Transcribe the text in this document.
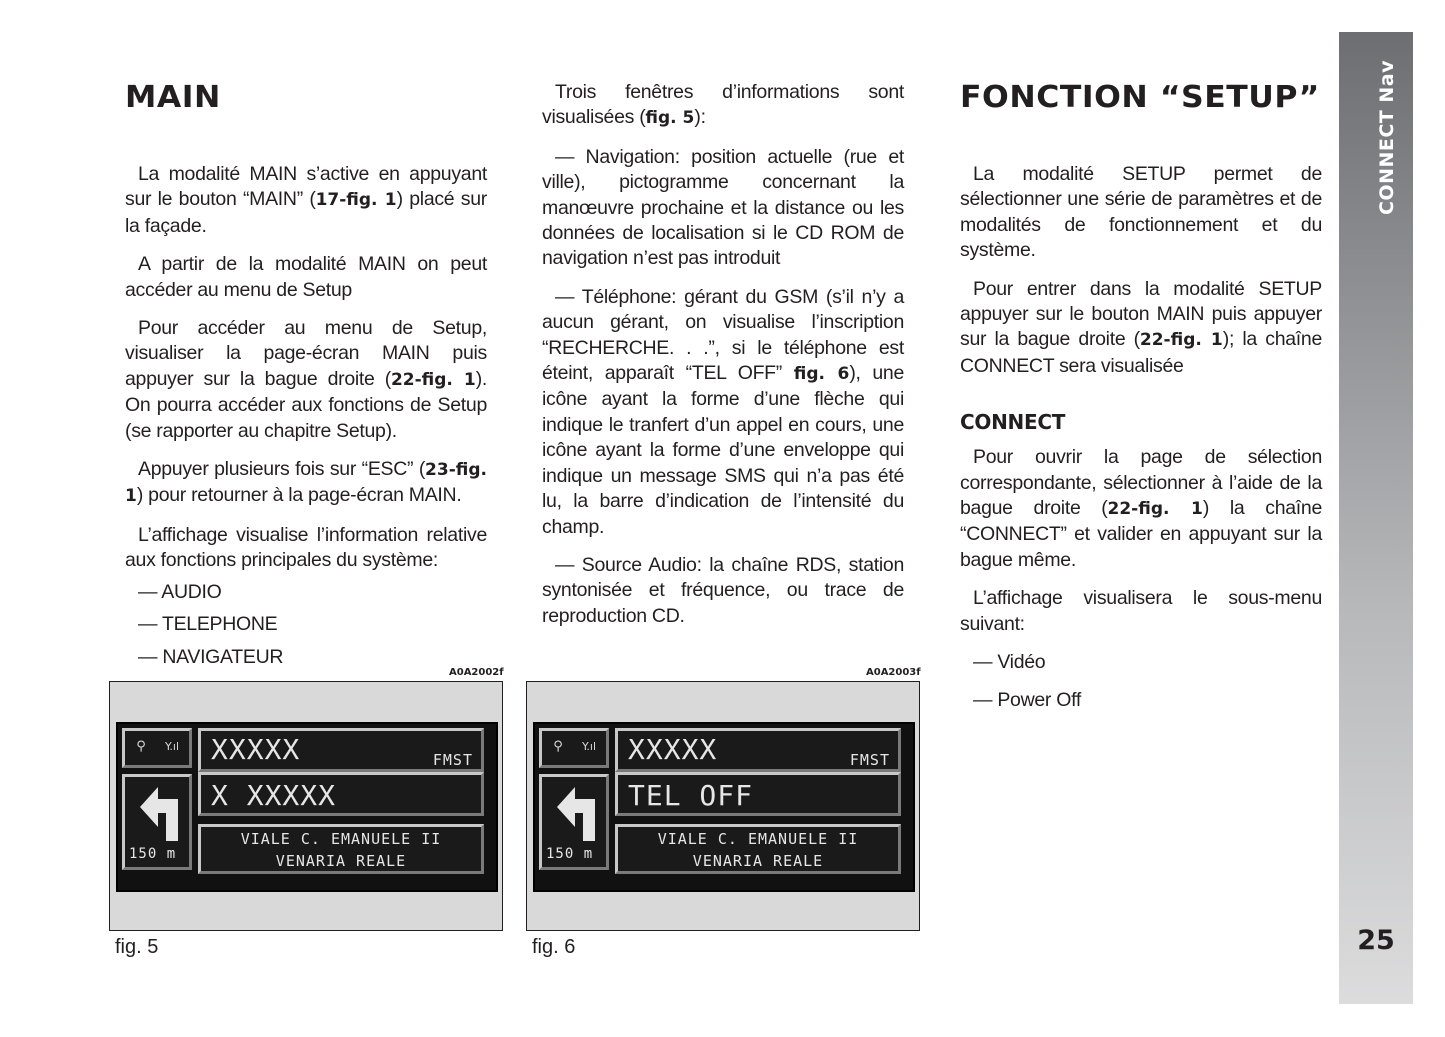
CONNECT Nav
25
MAIN

La modalité MAIN s’active en appuyant sur le bouton “MAIN” (17-fig. 1) placé sur la façade.

A partir de la modalité MAIN on peut accéder au menu de Setup

Pour accéder au menu de Setup, visualiser la page-écran MAIN puis appuyer sur la bague droite (22-fig. 1). On pourra accéder aux fonctions de Setup (se rapporter au chapitre Setup).

Appuyer plusieurs fois sur “ESC” (23-fig. 1) pour retourner à la page-écran MAIN.

L’affichage visualise l’information relative aux fonctions principales du système:

— AUDIO

— TELEPHONE

— NAVIGATEUR

Trois fenêtres d’informations sont visualisées (fig. 5):

— Navigation: position actuelle (rue et ville), pictogramme concernant la manœuvre prochaine et la distance ou les données de localisation si le CD ROM de navigation n’est pas introduit

— Téléphone: gérant du GSM (s’il n’y a aucun gérant, on visualise l’inscription “RECHERCHE. . .”, si le téléphone est éteint, apparaît “TEL OFF” fig. 6), une icône ayant la forme d’une flèche qui indique le tranfert d’un appel en cours, une icône ayant la forme d’une enveloppe qui indique un message SMS qui n’a pas été lu, la barre d’indication de l’intensité du champ.

— Source Audio: la chaîne RDS, station syntonisée et fréquence, ou trace de reproduction CD.

FONCTION “SETUP”

La modalité SETUP permet de sélectionner une série de paramètres et de modalités de fonctionnement et du système.

Pour entrer dans la modalité SETUP appuyer sur le bouton MAIN puis appuyer sur la bague droite (22-fig. 1); la chaîne CONNECT sera visualisée

CONNECT

Pour ouvrir la page de sélection correspondante, sélectionner à l’aide de la bague droite (22-fig. 1) la chaîne “CONNECT” et valider en appuyant sur la bague même.

L’affichage visualisera le sous-menu suivant:

— Vidéo

— Power Off

A0A2002f
⚲	Y.ıl XXXXX	FMST
X XXXXX
150 m
VIALE C. EMANUELE II
VENARIA REALE
fig. 5
A0A2003f
⚲	Y.ıl XXXXX	FMST
TEL OFF
150 m
VIALE C. EMANUELE II
VENARIA REALE
fig. 6
